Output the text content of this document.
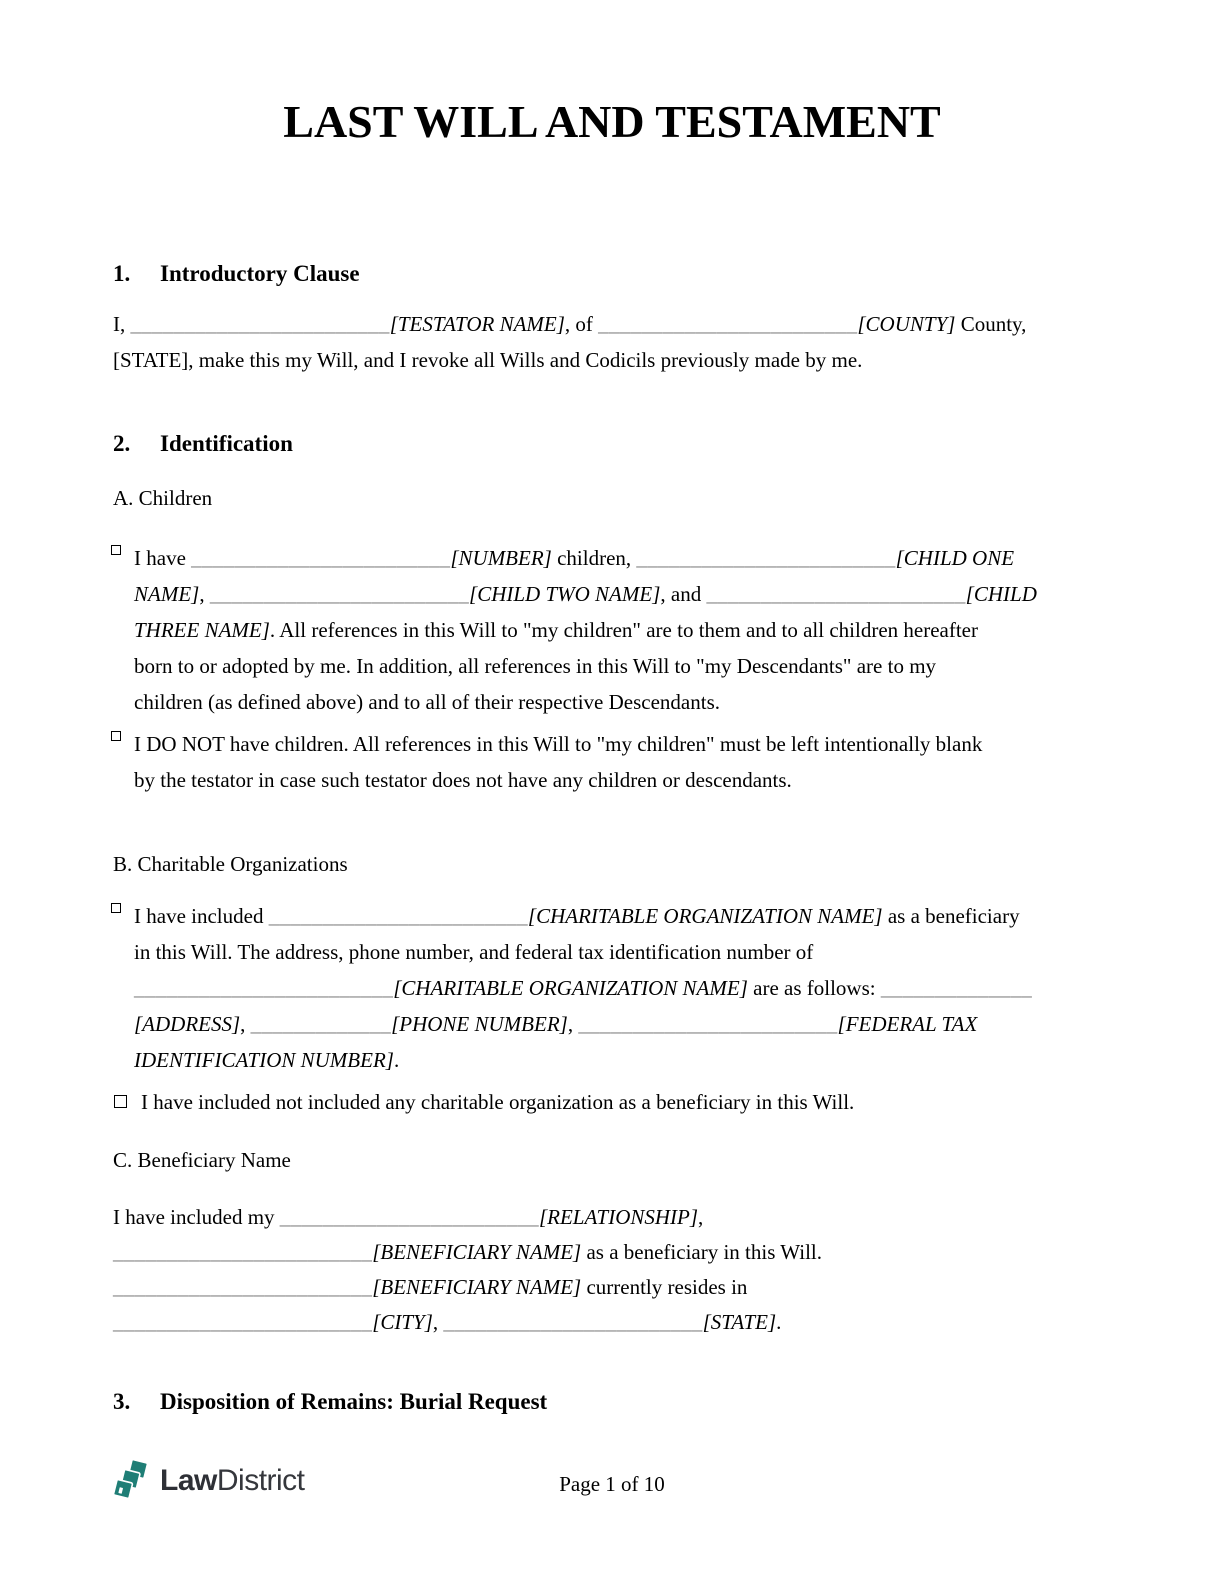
LAST WILL AND TESTAMENT
1. Introductory Clause
I, ________________________[TESTATOR NAME], of ________________________[COUNTY] County,
[STATE], make this my Will, and I revoke all Wills and Codicils previously made by me.
2. Identification

A. Children

I have ________________________[NUMBER] children, ________________________[CHILD ONE
NAME], ________________________[CHILD TWO NAME], and ________________________[CHILD
THREE NAME]. All references in this Will to "my children" are to them and to all children hereafter
born to or adopted by me. In addition, all references in this Will to "my Descendants" are to my
children (as defined above) and to all of their respective Descendants.
I DO NOT have children. All references in this Will to "my children" must be left intentionally blank
by the testator in case such testator does not have any children or descendants.

B. Charitable Organizations

I have included ________________________[CHARITABLE ORGANIZATION NAME] as a beneficiary
in this Will. The address, phone number, and federal tax identification number of
________________________[CHARITABLE ORGANIZATION NAME] are as follows: ______________
[ADDRESS], _____________[PHONE NUMBER], ________________________[FEDERAL TAX
IDENTIFICATION NUMBER].
I have included not included any charitable organization as a beneficiary in this Will.

C. Beneficiary Name

I have included my ________________________[RELATIONSHIP],
________________________[BENEFICIARY NAME] as a beneficiary in this Will.
________________________[BENEFICIARY NAME] currently resides in
________________________[CITY], ________________________[STATE].
3. Disposition of Remains: Burial Request
LawDistrict	Page 1 of 10
